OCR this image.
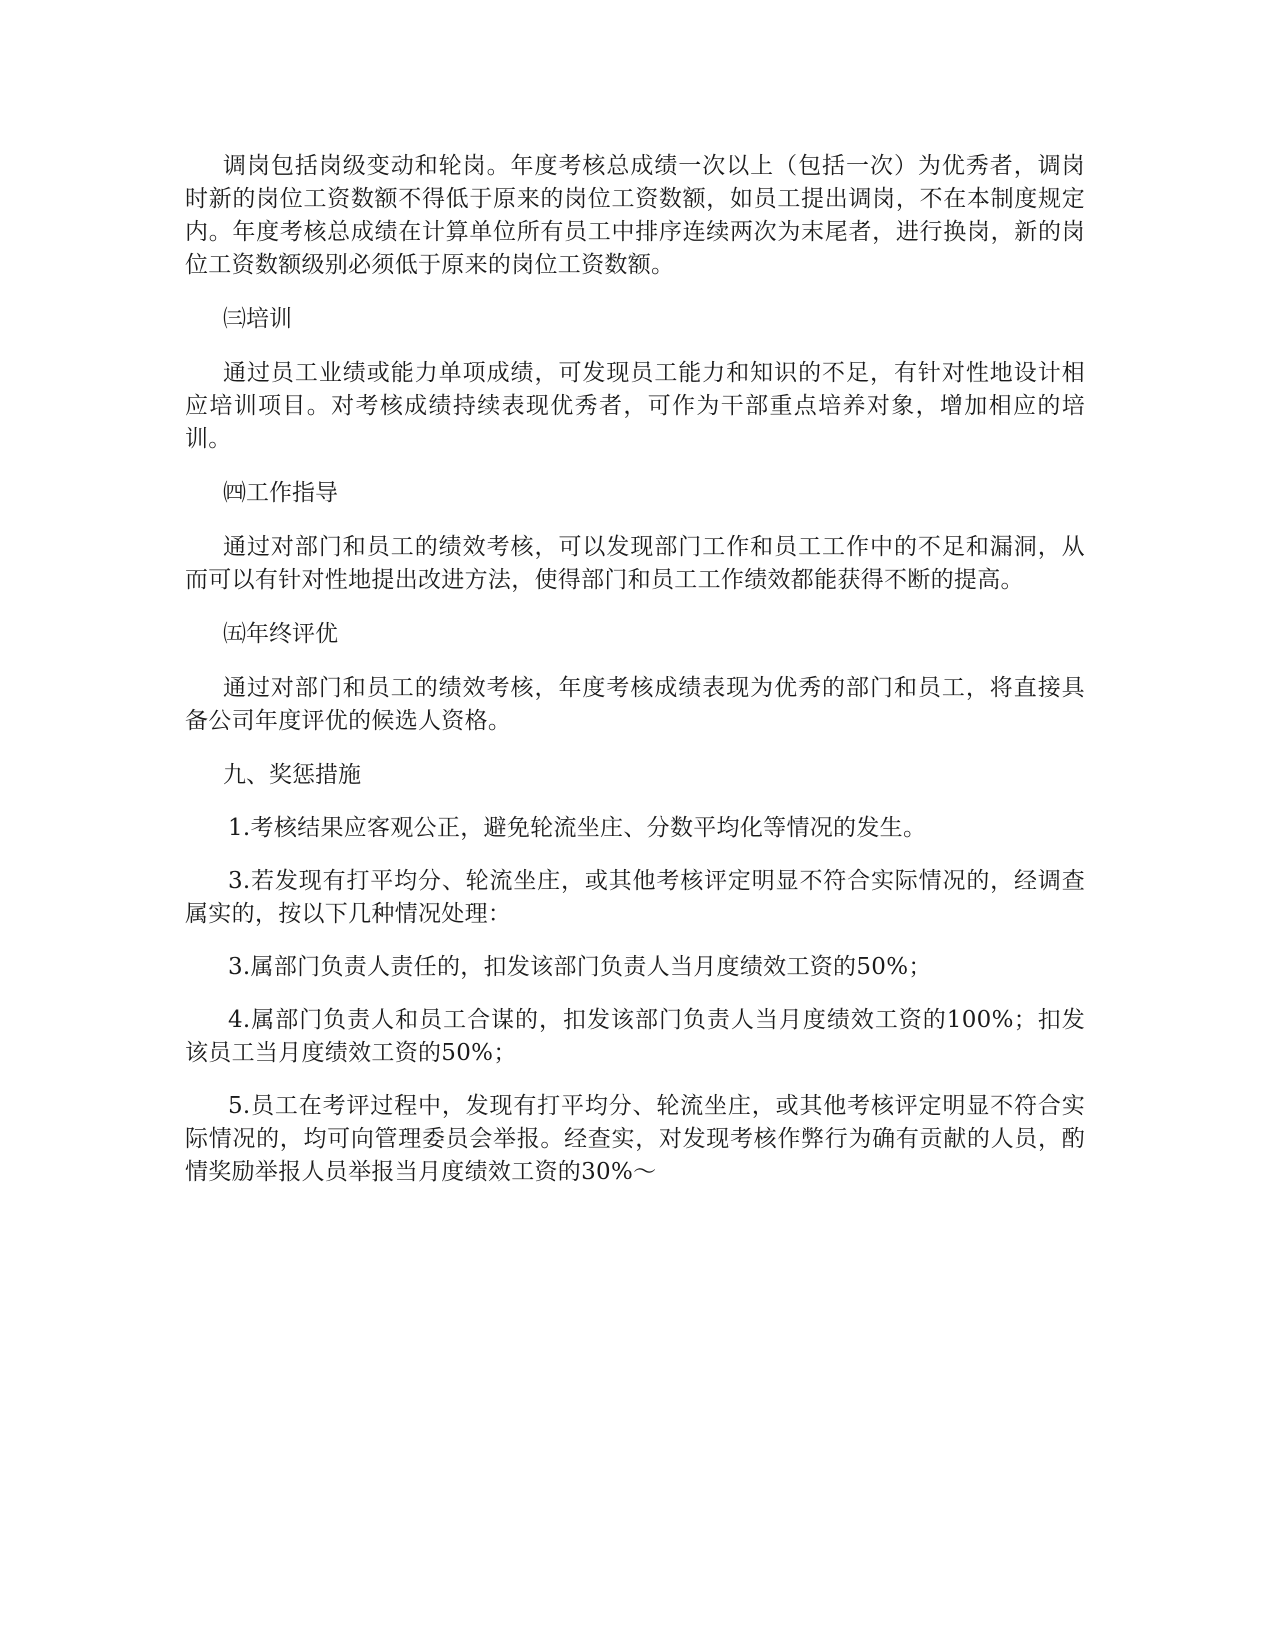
调岗包括岗级变动和轮岗。年度考核总成绩一次以上（包括一次）为优秀者，调岗时新的岗位工资数额不得低于原来的岗位工资数额，如员工提出调岗，不在本制度规定内。年度考核总成绩在计算单位所有员工中排序连续两次为末尾者，进行换岗，新的岗位工资数额级别必须低于原来的岗位工资数额。

㈢培训

通过员工业绩或能力单项成绩，可发现员工能力和知识的不足，有针对性地设计相应培训项目。对考核成绩持续表现优秀者，可作为干部重点培养对象，增加相应的培训。

㈣工作指导

通过对部门和员工的绩效考核，可以发现部门工作和员工工作中的不足和漏洞，从而可以有针对性地提出改进方法，使得部门和员工工作绩效都能获得不断的提高。

㈤年终评优

通过对部门和员工的绩效考核，年度考核成绩表现为优秀的部门和员工，将直接具备公司年度评优的候选人资格。

九、奖惩措施

1.考核结果应客观公正，避免轮流坐庄、分数平均化等情况的发生。

3.若发现有打平均分、轮流坐庄，或其他考核评定明显不符合实际情况的，经调查属实的，按以下几种情况处理：

3.属部门负责人责任的，扣发该部门负责人当月度绩效工资的50%；

4.属部门负责人和员工合谋的，扣发该部门负责人当月度绩效工资的100%；扣发该员工当月度绩效工资的50%；

5.员工在考评过程中，发现有打平均分、轮流坐庄，或其他考核评定明显不符合实际情况的，均可向管理委员会举报。经查实，对发现考核作弊行为确有贡献的人员，酌情奖励举报人员举报当月度绩效工资的30%～
